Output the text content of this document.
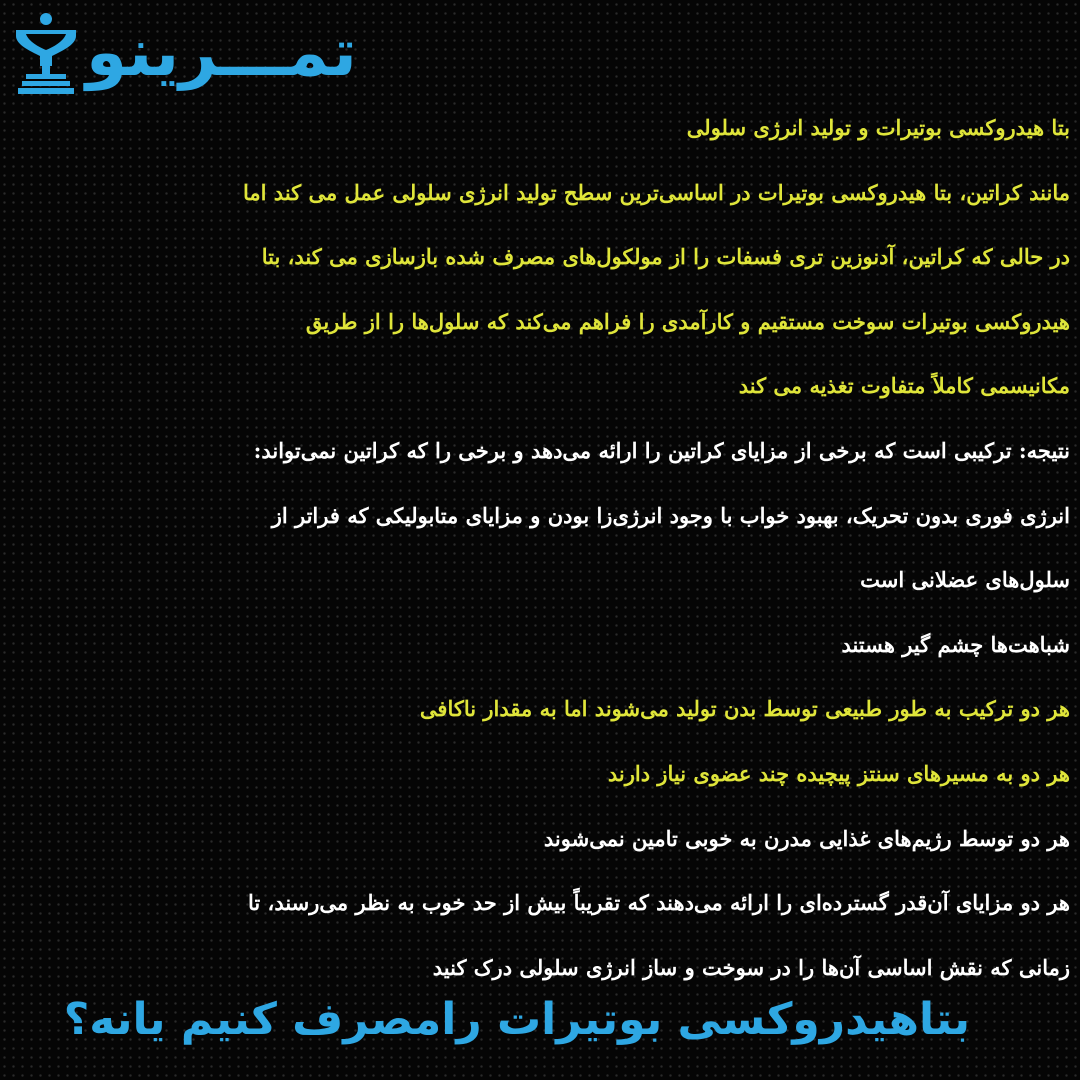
تمـــرینو
بتا هیدروکسی بوتیرات و تولید انرژی سلولی
مانند کراتین، بتا هیدروکسی بوتیرات در اساسی‌ترین سطح تولید انرژی سلولی عمل می کند اما
در حالی که کراتین، آدنوزین تری فسفات را از مولکول‌های مصرف شده بازسازی می کند، بتا
هیدروکسی بوتیرات سوخت مستقیم و کارآمدی را فراهم می‌کند که سلول‌ها را از طریق
مکانیسمی کاملاً متفاوت تغذیه می کند
نتیجه: ترکیبی است که برخی از مزایای کراتین را ارائه می‌دهد و برخی را که کراتین نمی‌تواند:
انرژی فوری بدون تحریک، بهبود خواب با وجود انرژی‌زا بودن و مزایای متابولیکی که فراتر از
سلول‌های عضلانی است
شباهت‌ها چشم گیر هستند
هر دو ترکیب به طور طبیعی توسط بدن تولید می‌شوند اما به مقدار ناکافی
هر دو به مسیرهای سنتز پیچیده چند عضوی نیاز دارند
هر دو توسط رژیم‌های غذایی مدرن به خوبی تامین نمی‌شوند
هر دو مزایای آن‌قدر گسترده‌ای را ارائه می‌دهند که تقریباً بیش از حد خوب به نظر می‌رسند، تا
زمانی که نقش اساسی آن‌ها را در سوخت و ساز انرژی سلولی درک کنید
بتاهیدروکسی بوتیرات رامصرف کنیم یانه؟
